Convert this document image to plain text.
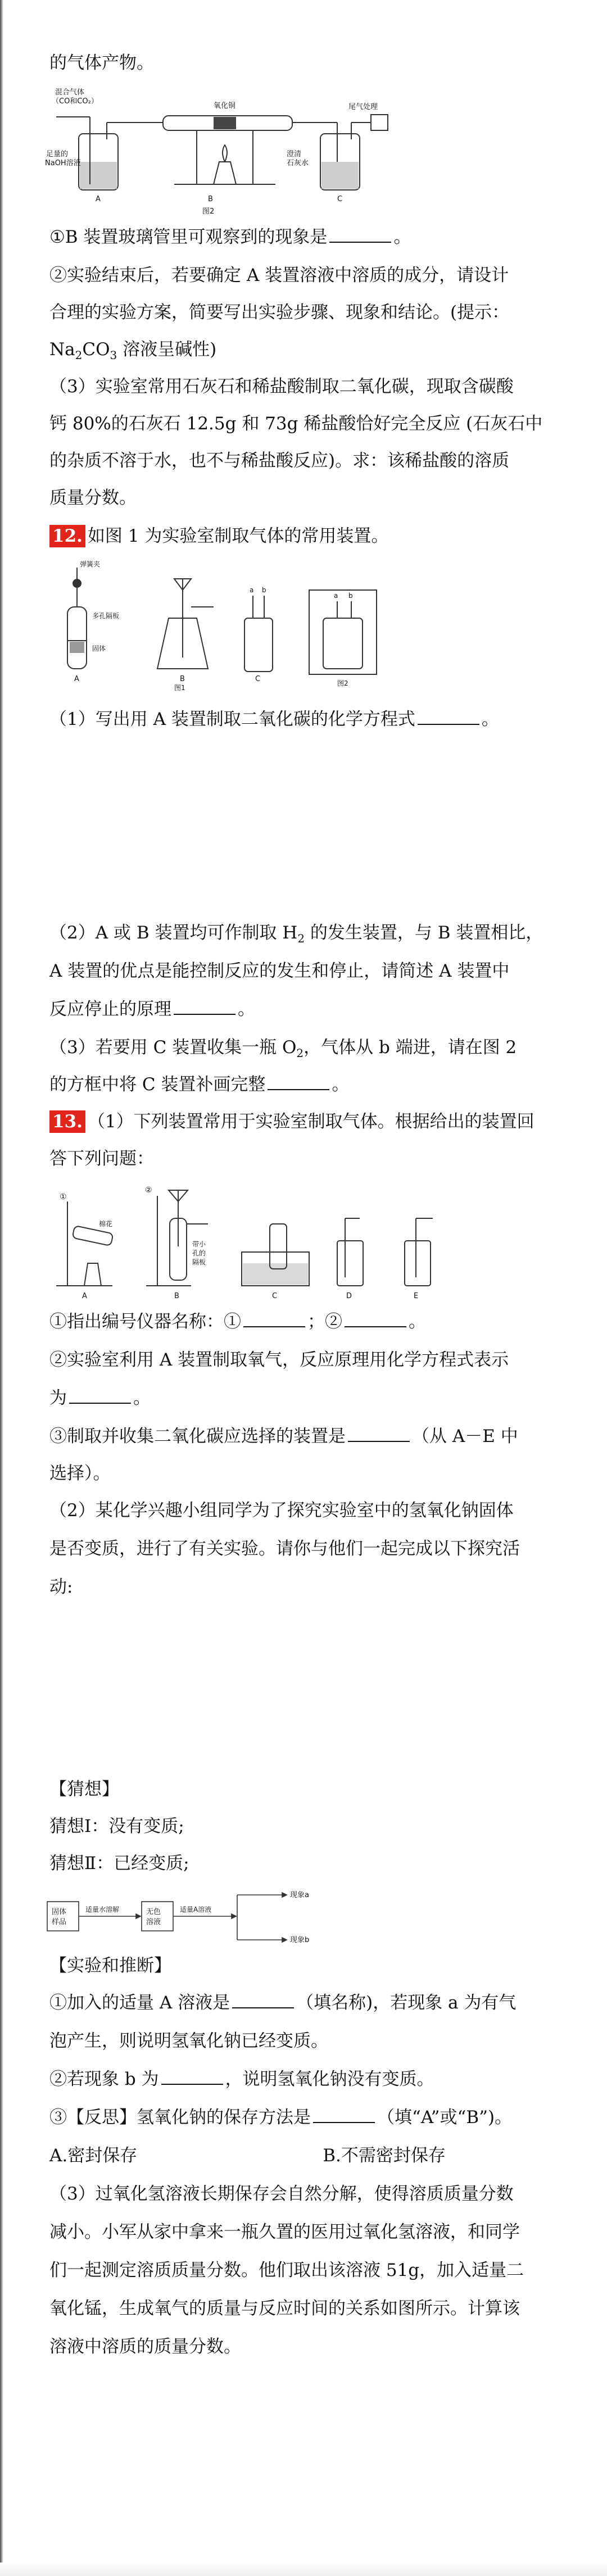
的气体产物。
混合气体
（CO和CO₂）
足量的
NaOH溶液
氧化铜
澄清
石灰水
尾气处理
A	B	C
图2
①B 装置玻璃管里可观察到的现象是	。
②实验结束后，若要确定 A 装置溶液中溶质的成分，请设计
合理的实验方案，简要写出实验步骤、现象和结论。(提示：
$Na_2CO_3$ 溶液呈碱性)
（3）实验室常用石灰石和稀盐酸制取二氧化碳，现取含碳酸
钙 80%的石灰石 12.5g 和 73g 稀盐酸恰好完全反应 (石灰石中
的杂质不溶于水，也不与稀盐酸反应)。求：该稀盐酸的溶质
质量分数。
12. 如图 1 为实验室制取气体的常用装置。
弹簧夹
多孔隔板
固体
A	B	C
a b
a b
图1
图2
（1）写出用 A 装置制取二氧化碳的化学方程式	。
（2）A 或 B 装置均可作制取 $H_2$ 的发生装置，与 B 装置相比，
A 装置的优点是能控制反应的发生和停止，请简述 A 装置中
反应停止的原理	。
（3）若要用 C 装置收集一瓶 $O_2$，气体从 b 端进，请在图 2
的方框中将 C 装置补画完整	。
13. （1）下列装置常用于实验室制取气体。根据给出的装置回
答下列问题：
①
棉花
②
带小
孔的
隔板
A	B	C	D	E
①指出编号仪器名称：①	；②	。
②实验室利用 A 装置制取氧气，反应原理用化学方程式表示
为	。
③制取并收集二氧化碳应选择的装置是	（从 A－E 中
选择）。
（2）某化学兴趣小组同学为了探究实验室中的氢氧化钠固体
是否变质，进行了有关实验。请你与他们一起完成以下探究活
动:
【猜想】
猜想Ⅰ：没有变质;
猜想Ⅱ：已经变质;
固体
样品
适量水溶解	无色
溶液
适量A溶液
现象a
现象b
【实验和推断】
①加入的适量 A 溶液是	（填名称)，若现象 a 为有气
泡产生，则说明氢氧化钠已经变质。
②若现象 b 为	，说明氢氧化钠没有变质。
③【反思】氢氧化钠的保存方法是	（填“A”或“B”)。
A.密封保存	B.不需密封保存
（3）过氧化氢溶液长期保存会自然分解，使得溶质质量分数
减小。小军从家中拿来一瓶久置的医用过氧化氢溶液，和同学
们一起测定溶质质量分数。他们取出该溶液 51g，加入适量二
氧化锰，生成氧气的质量与反应时间的关系如图所示。计算该
溶液中溶质的质量分数。
